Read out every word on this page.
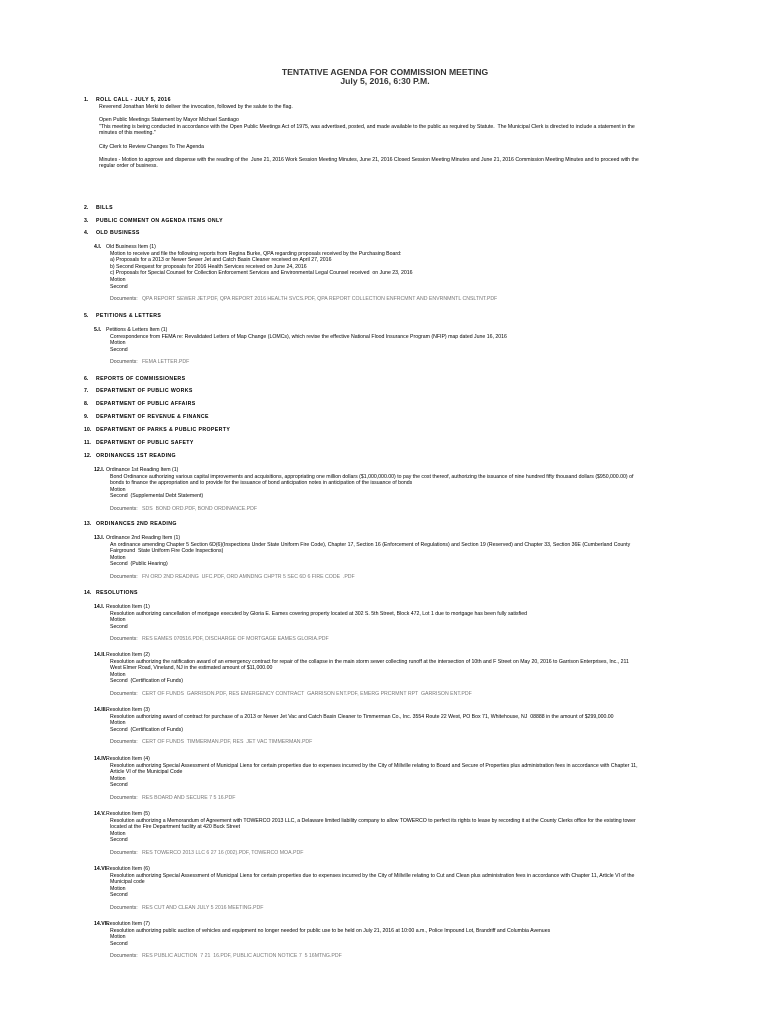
TENTATIVE AGENDA FOR COMMISSION MEETING
July 5, 2016, 6:30 P.M.
1.	ROLL CALL - JULY 5, 2016
Reverend Jonathan Merki to deliver the invocation, followed by the salute to the flag.

Open Public Meetings Statement by Mayor Michael Santiago
"This meeting is being conducted in accordance with the Open Public Meetings Act of 1975, was advertised, posted, and made available to the public as required by Statute.  The Municipal Clerk is directed to include a statement in the
minutes of this meeting."

City Clerk to Review Changes To The Agenda

Minutes - Motion to approve and dispense with the reading of the  June 21, 2016 Work Session Meeting Minutes, June 21, 2016 Closed Session Meeting Minutes and June 21, 2016 Commission Meeting Minutes and to proceed with the
regular order of business.
2.	BILLS
3.	PUBLIC COMMENT ON AGENDA ITEMS ONLY
4.	OLD BUSINESS
4.I. Old Business Item (1)
Motion to receive and file the following reports from Regina Burke, QPA regarding proposals received by the Purchasing Board:
a) Proposals for a 2013 or Newer Sewer Jet and Catch Basin Cleaner received on April 27, 2016
b) Second Request for proposals for 2016 Health Services received on June 24, 2016
c) Proposals for Special Counsel for Collection Enforcement Services and Environmental Legal Counsel received  on June 23, 2016
Motion
Second
Documents: QPA REPORT SEWER JET.PDF, QPA REPORT 2016 HEALTH SVCS.PDF, QPA REPORT COLLECTION ENFRCMNT AND ENVRNMNTL CNSLTNT.PDF
5.	PETITIONS & LETTERS
5.I. Petitions & Letters Item (1)
Correspondence from FEMA re: Revalidated Letters of Map Change (LOMCs), which revise the effective National Flood Insurance Program (NFIP) map dated June 16, 2016
Motion
Second
Documents: FEMA LETTER.PDF
6.	REPORTS OF COMMISSIONERS
7.	DEPARTMENT OF PUBLIC WORKS
8.	DEPARTMENT OF PUBLIC AFFAIRS
9.	DEPARTMENT OF REVENUE & FINANCE
10. DEPARTMENT OF PARKS & PUBLIC PROPERTY
11. DEPARTMENT OF PUBLIC SAFETY
12. ORDINANCES 1ST READING
12.I. Ordinance 1st Reading Item (1)
Bond Ordinance authorizing various capital improvements and acquisitions, appropriating one million dollars ($1,000,000.00) to pay the cost thereof, authorizing the issuance of nine hundred fifty thousand dollars ($950,000.00) of
bonds to finance the appropriation and to provide for the issuance of bond anticipation notes in anticipation of the issuance of bonds
Motion
Second  (Supplemental Debt Statement)
Documents: SDS  BOND ORD.PDF, BOND ORDINANCE.PDF
13. ORDINANCES 2ND READING
13.I. Ordinance 2nd Reading Item (1)
An ordinance amending Chapter 5 Section 6D(6)(Inspections Under State Uniform Fire Code), Chapter 17, Section 16 (Enforcement of Regulations) and Section 19 (Reserved) and Chapter 33, Section 36E (Cumberland County
Fairground  State Uniform Fire Code Inspections)
Motion
Second  (Public Hearing)
Documents: FN ORD 2ND READING  UFC.PDF, ORD AMNDNG CHPTR 5 SEC 6D 6 FIRE CODE  .PDF
14. RESOLUTIONS
14.I. Resolution Item (1)
Resolution authorizing cancellation of mortgage executed by Gloria E. Eames covering property located at 302 S. 5th Street, Block 472, Lot 1 due to mortgage has been fully satisfied
Motion
Second
Documents: RES EAMES 070516.PDF, DISCHARGE OF MORTGAGE EAMES GLORIA.PDF
14.II. Resolution Item (2)
Resolution authorizing the ratification award of an emergency contract for repair of the collapse in the main storm sewer collecting runoff at the intersection of 10th and F Street on May 20, 2016 to Garrison Enterprises, Inc., 211
West Elmer Road, Vineland, NJ in the estimated amount of $11,000.00
Motion
Second  (Certification of Funds)
Documents: CERT OF FUNDS  GARRISON.PDF, RES EMERGENCY CONTRACT  GARRISON ENT.PDF, EMERG PRCRMNT RPT  GARRISON ENT.PDF
14.III. Resolution Item (3)
Resolution authorizing award of contract for purchase of a 2013 or Newer Jet Vac and Catch Basin Cleaner to Timmerman Co., Inc. 3554 Route 22 West, PO Box 71, Whitehouse, NJ  08888 in the amount of $299,000.00
Motion
Second  (Certification of Funds)
Documents: CERT OF FUNDS  TIMMERMAN.PDF, RES  JET VAC TIMMERMAN.PDF
14.IV.
Resolution Item (4)
Resolution authorizing Special Assessment of Municipal Liens for certain properties due to expenses incurred by the City of Millville relating to Board and Secure of Properties plus administration fees in accordance with Chapter 11,
Article VI of the Municipal Code
Motion
Second
Documents: RES BOARD AND SECURE 7 5 16.PDF
14.V. Resolution Item (5)
Resolution authorizing a Memorandum of Agreement with TOWERCO 2013 LLC, a Delaware limited liability company to allow TOWERCO to perfect its rights to lease by recording it at the County Clerks office for the existing tower
located at the Fire Department facility at 420 Buck Street
Motion
Second
Documents: RES TOWERCO 2013 LLC 6 27 16 (002).PDF, TOWERCO MOA.PDF
14.VI.
Resolution Item (6)
Resolution authorizing Special Assessment of Municipal Liens for certain properties due to expenses incurred by the City of Millville relating to Cut and Clean plus administration fees in accordance with Chapter 11, Article VI of the
Municipal code
Motion
Second
Documents: RES CUT AND CLEAN JULY 5 2016 MEETING.PDF
14.VII.
Resolution Item (7)
Resolution authorizing public auction of vehicles and equipment no longer needed for public use to be held on July 21, 2016 at 10:00 a.m., Police Impound Lot, Brandriff and Columbia Avenues
Motion
Second
Documents: RES PUBLIC AUCTION  7 21  16.PDF, PUBLIC AUCTION NOTICE 7  5 16MTNG.PDF
